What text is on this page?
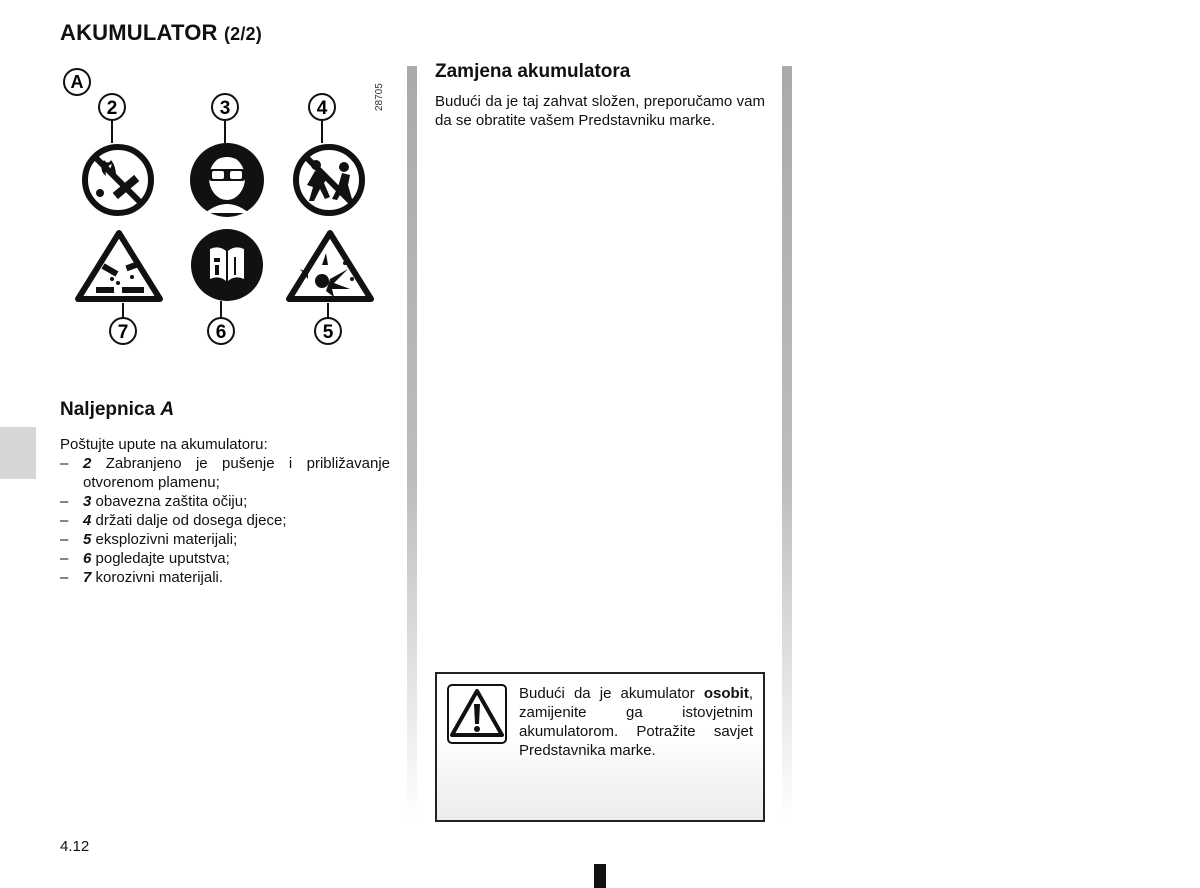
AKUMULATOR (2/2)
A
28705
2	3	4
7	6	5
Naljepnica A

Poštujte upute na akumulatoru:

– 2 Zabranjeno je pušenje i približavanje otvorenom plamenu;
– 3 obavezna zaštita očiju;
– 4 držati dalje od dosega djece;
– 5 eksplozivni materijali;
– 6 pogledajte uputstva;
– 7 korozivni materijali.
Zamjena akumulatora

Budući da je taj zahvat složen, preporučamo vam da se obratite vašem Predstavniku marke.

Budući da je akumulator osobit, zamijenite ga istovjetnim akumulatorom. Potražite savjet Predstavnika marke.
4.12
